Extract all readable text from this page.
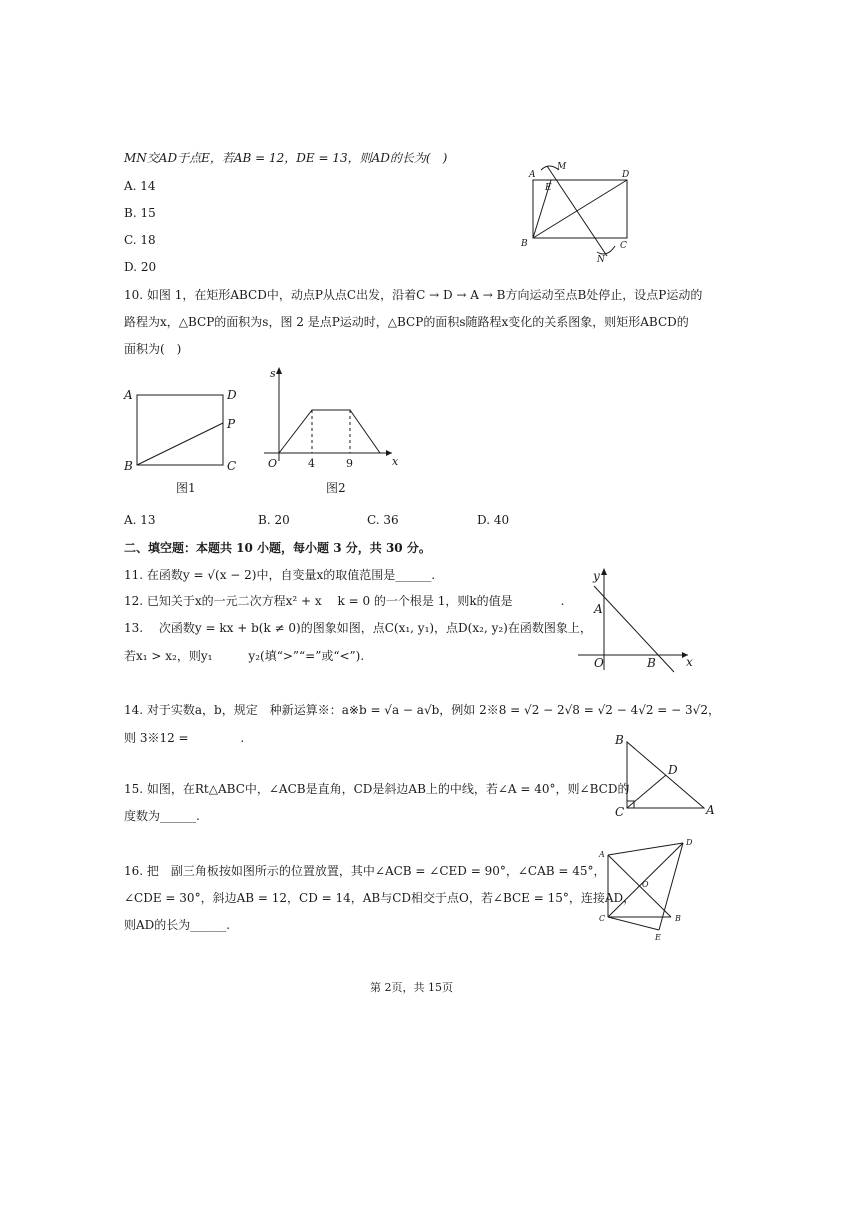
MN交AD于点E，若AB = 12，DE = 13，则AD的长为(　)
A. 14
B. 15
C. 18
D. 20
A
M
D
E
B	C
N
10. 如图 1，在矩形ABCD中，动点P从点C出发，沿着C → D → A → B方向运动至点B处停止，设点P运动的
路程为x，△BCP的面积为s，图 2 是点P运动时，△BCP的面积s随路程x变化的关系图象，则矩形ABCD的
面积为(　)
A	D
P
B	C
图1
s
x
O	4	9
图2
A. 13	B. 20	C. 36	D. 40
二、填空题：本题共 10 小题，每小题 3 分，共 30 分。
11. 在函数y = √(x − 2)中，自变量x的取值范围是______.
12. 已知关于x的一元二次方程x² + x　 k = 0 的一个根是 1，则k的值是　　　　.
13. 　次函数y = kx + b(k ≠ 0)的图象如图，点C(x₁, y₁)，点D(x₂, y₂)在函数图象上，
若x₁ > x₂，则y₁　　　y₂(填“>”“=”或“<”).
y
x
A
O	B
14. 对于实数a，b，规定　种新运算※：a※b = √a − a√b，例如 2※8 = √2 − 2√8 = √2 − 4√2 = − 3√2，
则 3※12 = 　　　　.
15. 如图，在Rt△ABC中，∠ACB是直角，CD是斜边AB上的中线，若∠A = 40°，则∠BCD的
度数为______.
B
D
C	A
16. 把　副三角板按如图所示的位置放置，其中∠ACB = ∠CED = 90°，∠CAB = 45°，
∠CDE = 30°，斜边AB = 12，CD = 14，AB与CD相交于点O，若∠BCE = 15°，连接AD，
则AD的长为______.
A
D
O
C	B
E
第 2页，共 15页
